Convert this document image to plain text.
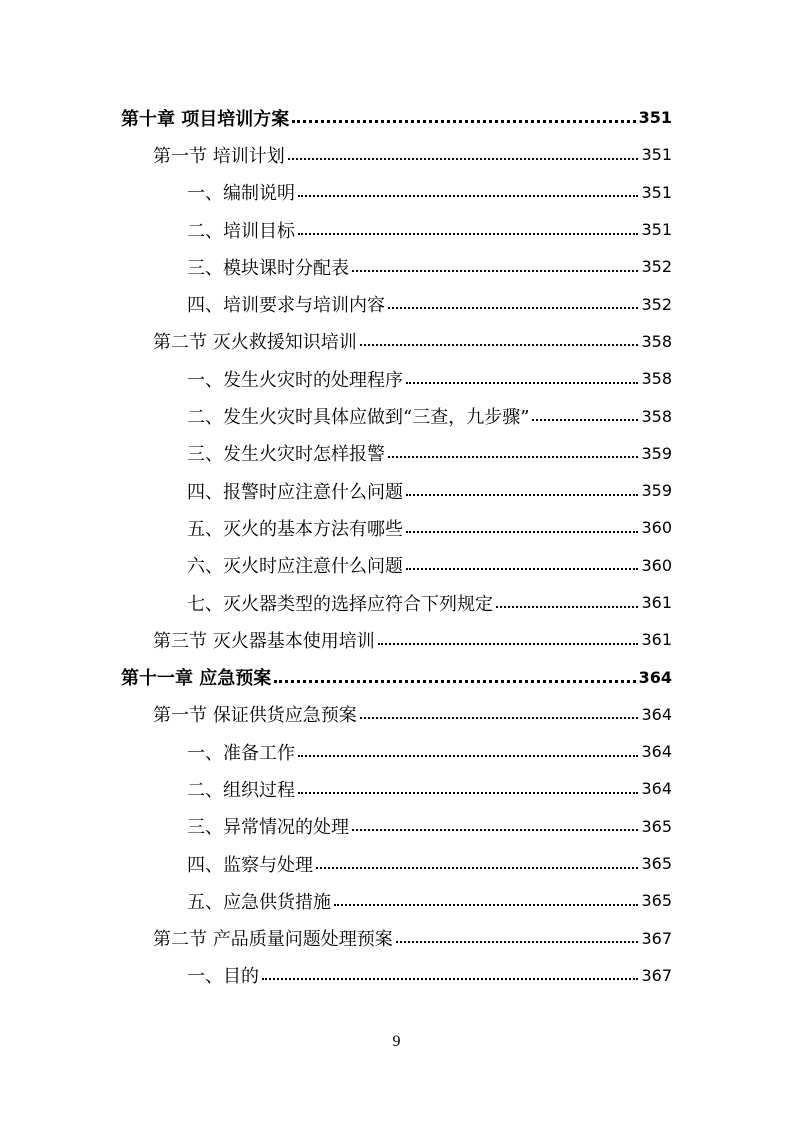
第十章 项目培训方案	351
第一节 培训计划	351
一、编制说明	351
二、培训目标	351
三、模块课时分配表	352
四、培训要求与培训内容	352
第二节 灭火救援知识培训	358
一、发生火灾时的处理程序	358
二、发生火灾时具体应做到“三查，九步骤”	358
三、发生火灾时怎样报警	359
四、报警时应注意什么问题	359
五、灭火的基本方法有哪些	360
六、灭火时应注意什么问题	360
七、灭火器类型的选择应符合下列规定	361
第三节 灭火器基本使用培训	361
第十一章 应急预案	364
第一节 保证供货应急预案	364
一、准备工作	364
二、组织过程	364
三、异常情况的处理	365
四、监察与处理	365
五、应急供货措施	365
第二节 产品质量问题处理预案	367
一、目的	367
9
